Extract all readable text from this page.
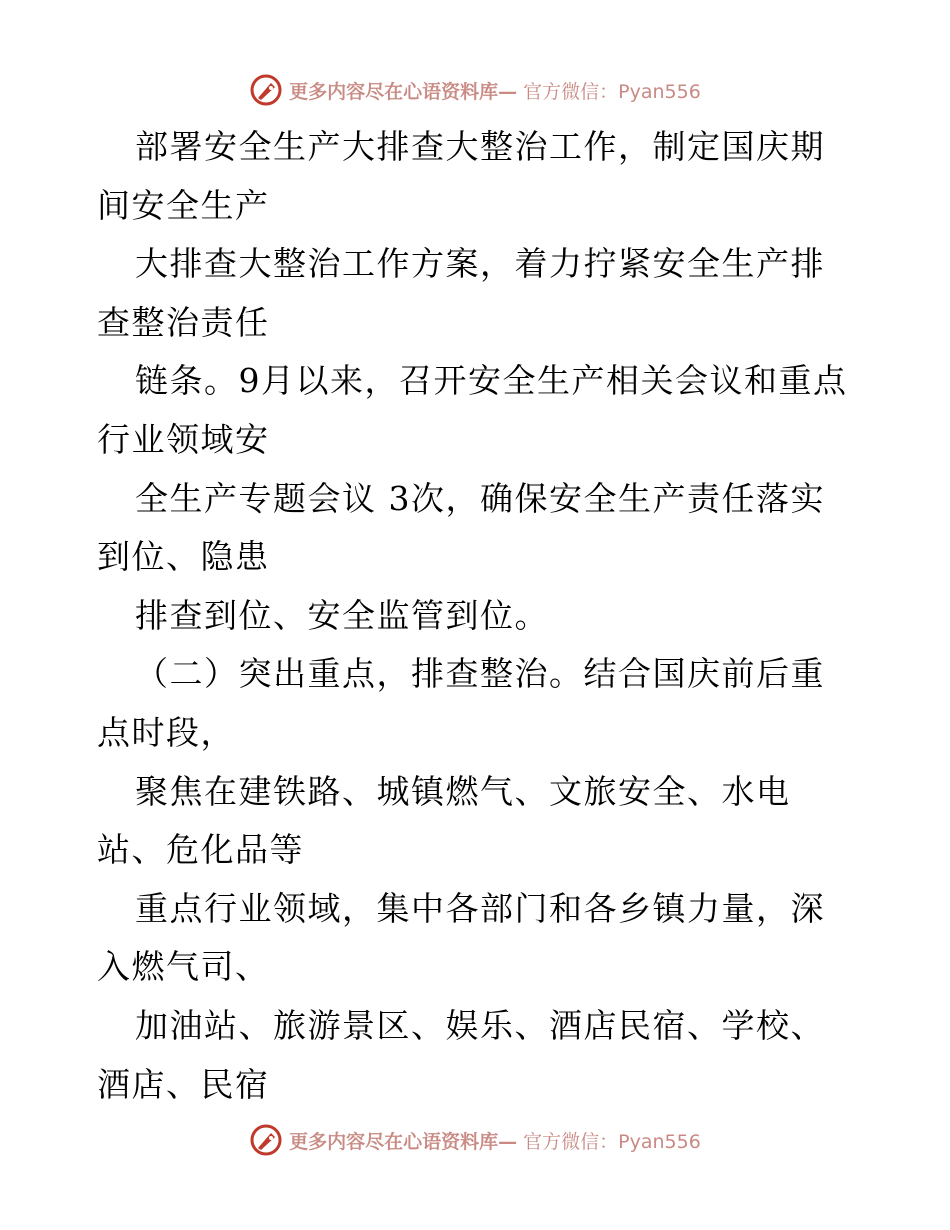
更多内容尽在心语资料库— 官方微信：Pyan556

部署安全生产大排查大整治工作，制定国庆期间安全生产

大排查大整治工作方案，着力拧紧安全生产排查整治责任

链条。9月以来，召开安全生产相关会议和重点行业领域安

全生产专题会议 3次，确保安全生产责任落实到位、隐患

排查到位、安全监管到位。

（二）突出重点，排查整治。结合国庆前后重点时段，

聚焦在建铁路、城镇燃气、文旅安全、水电站、危化品等

重点行业领域，集中各部门和各乡镇力量，深入燃气司、

加油站、旅游景区、娱乐、酒店民宿、学校、酒店、民宿

更多内容尽在心语资料库— 官方微信：Pyan556
